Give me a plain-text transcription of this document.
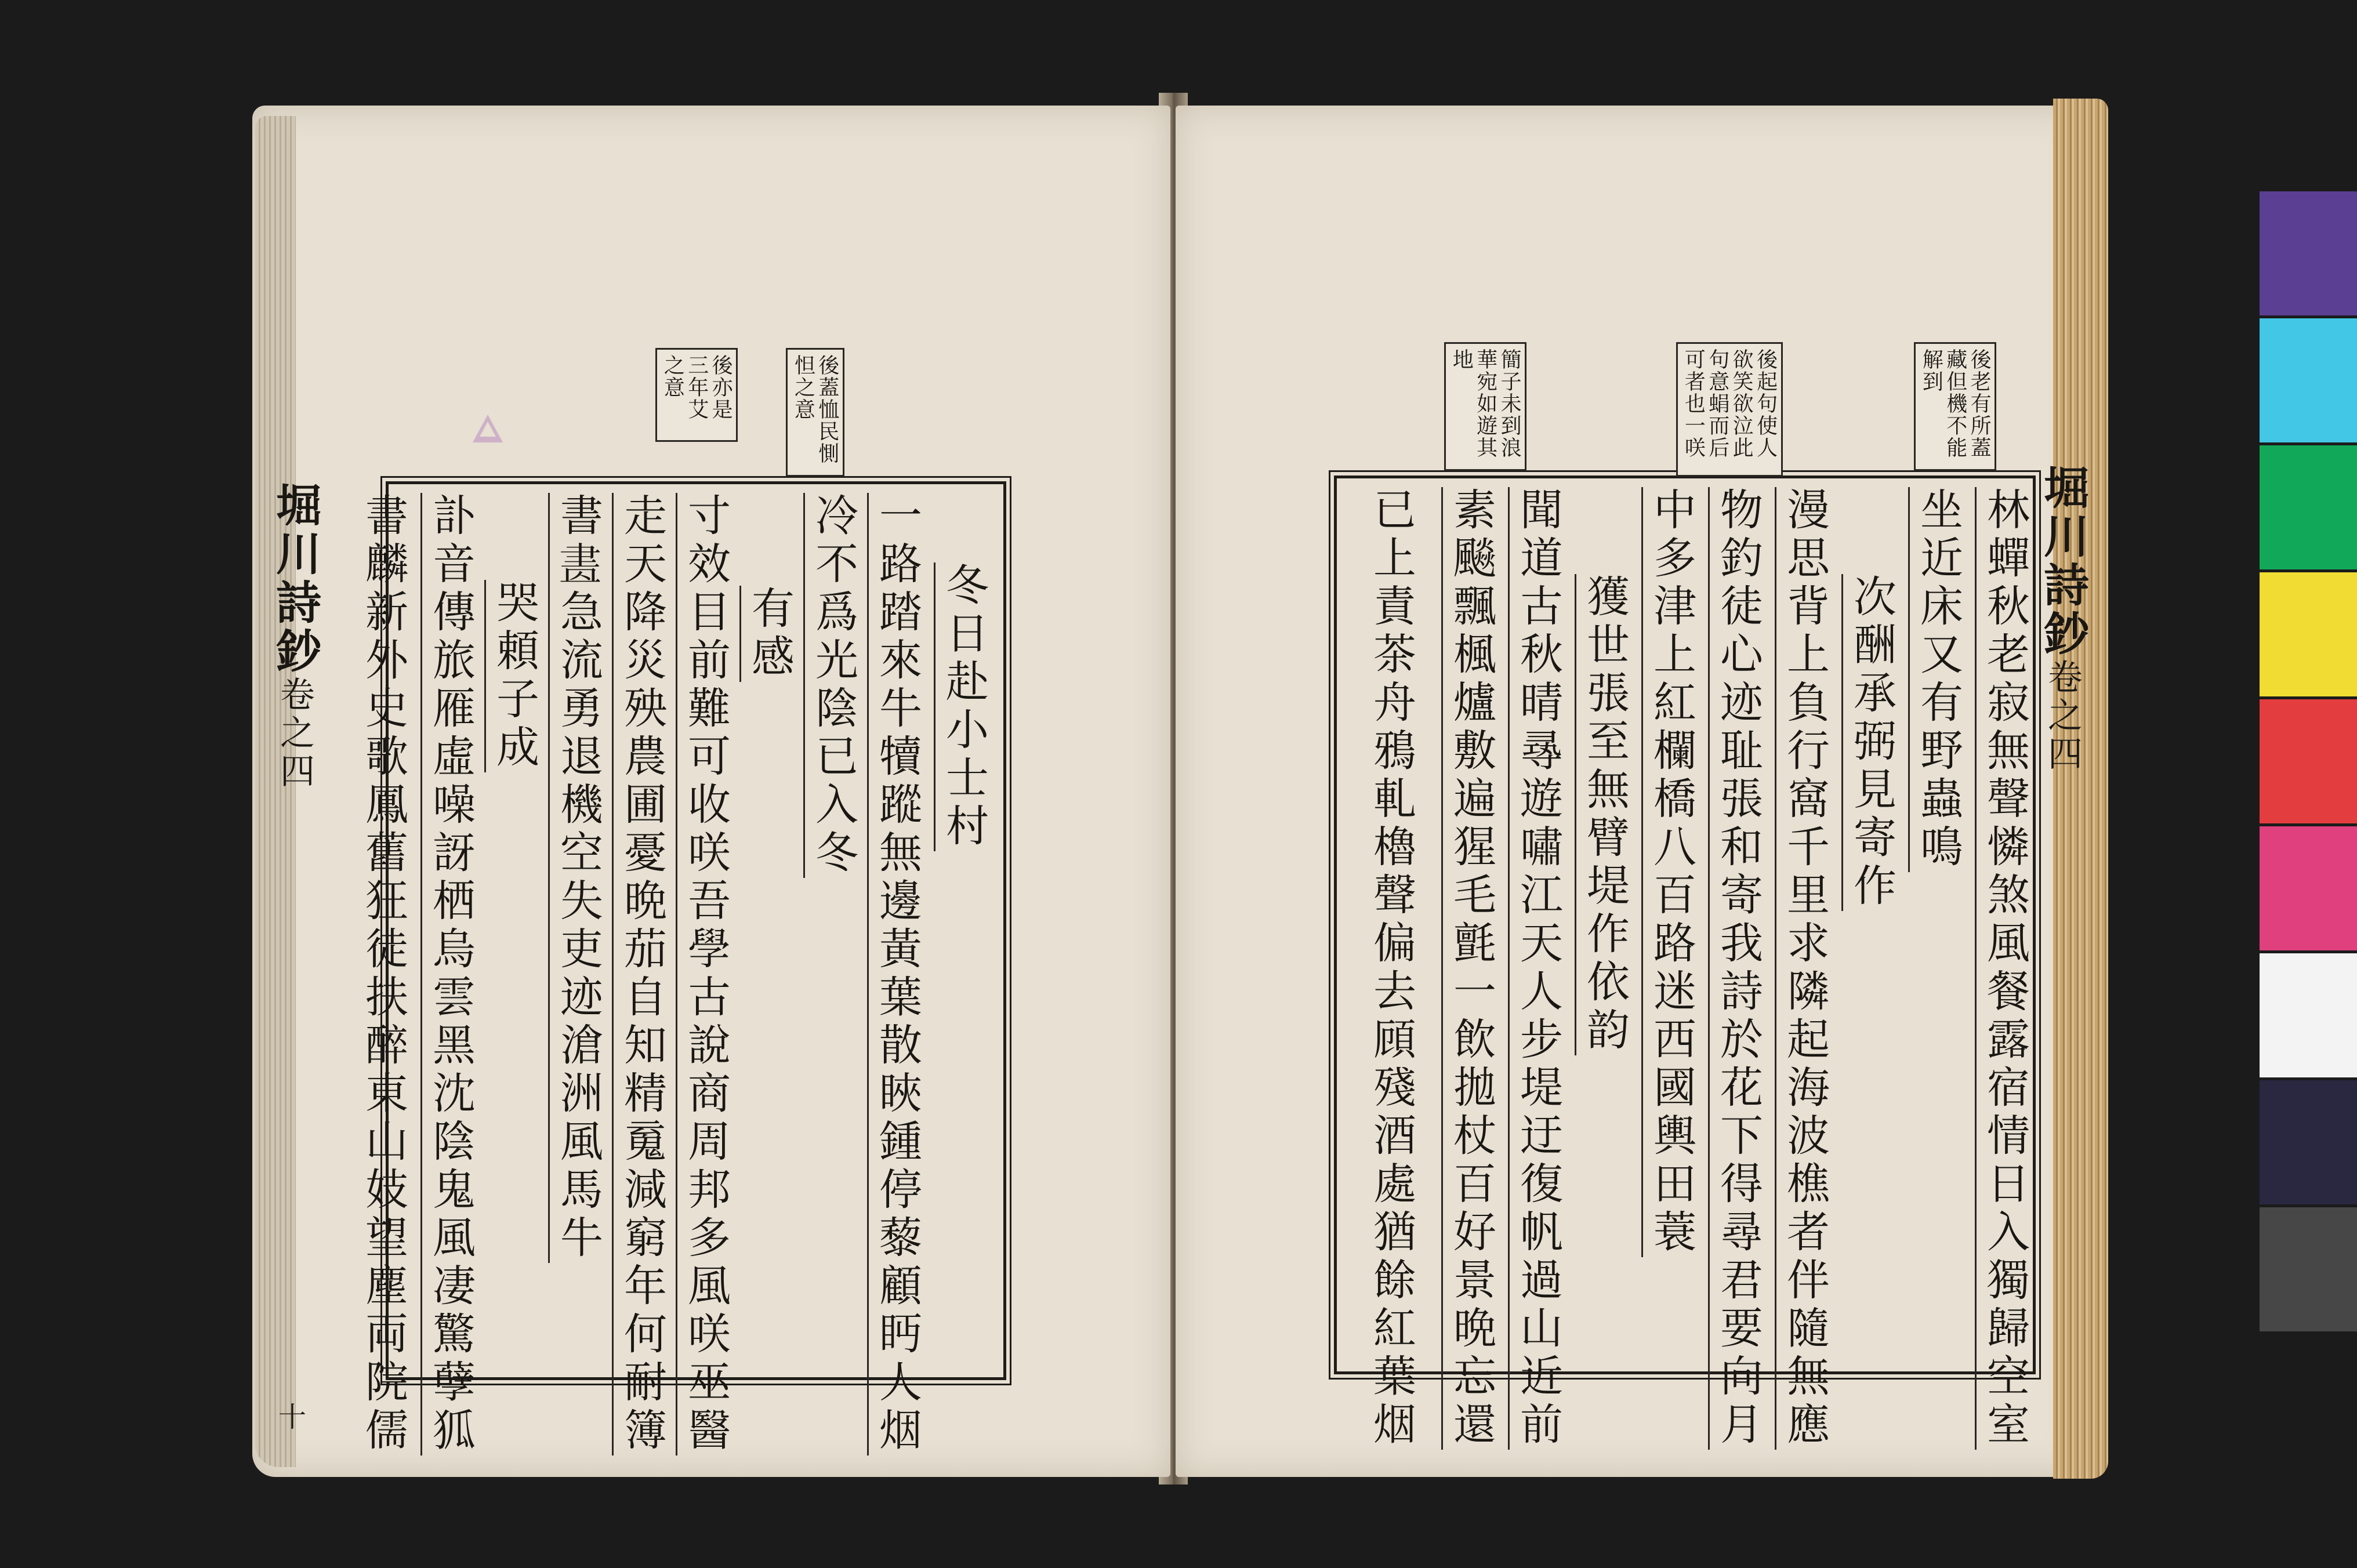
堀川詩鈔卷之四
十
堀川詩鈔卷之四
後蓋恤民惻怛之意
後亦是三年艾之意
冬日赴小士村
一路踏來牛犢蹤無邊黃葉散䀹鍾停藜顧眄人烟
冷不爲光陰已入冬
有感
寸效目前難可收咲吾學古說商周邦多風咲巫醫
走天降災殃農圃憂晩茄自知精䰟減窮年何耐簿
書𦘕急流勇退機空失吏迹滄洲風馬牛
哭頼子成
訃音傳旅雁虛噪訝栖烏雲黑沈陰鬼風凄驚孽狐
書麟新外史歌鳳舊狂徒扶醉東山妓望塵両院儒
後老有所蓋藏但機不能解到
後起句使人欲笑欲泣此句意蜎而后可者也一咲
簡子未到浪華宛如遊其地
林蟬秋老寂無聲憐煞風餐露宿情日入獨歸空室
坐近床又有野蟲鳴
次酬承弼見寄作
漫思背上負行窩千里求隣起海波樵者伴隨無應
物釣徒心迹耻張和寄我詩於花下得尋君要向月
中多津上紅欄橋八百路迷西國輿田蓑
獲世張至無臂堤作依韵
聞道古秋晴㝷遊嘯江天人步堤迂復帆過山近前
素飈飄楓爐敷遍猩毛氈一飲拋杖百好景晩忘還
已上責茶舟鴉軋櫓聲偏去頋殘酒處猶餘紅葉烟
